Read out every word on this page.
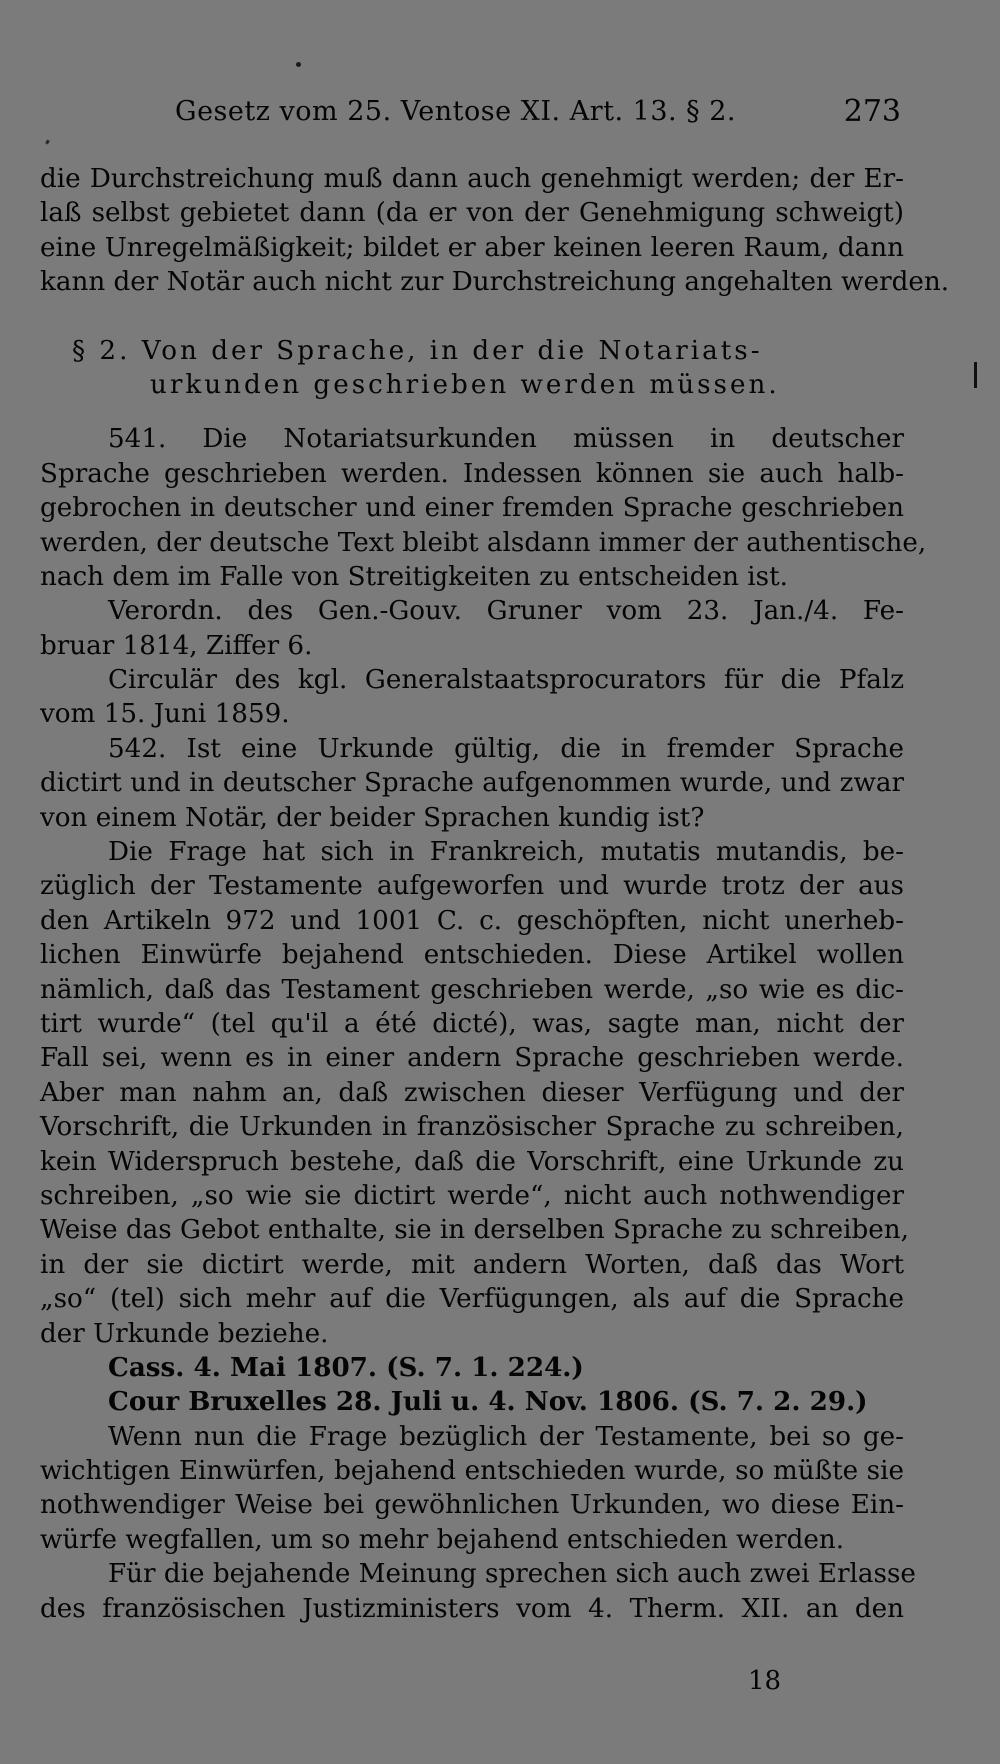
Gesetz vom 25. Ventose XI. Art. 13. § 2.	273
die Durchstreichung muß dann auch genehmigt werden; der Er-
laß selbst gebietet dann (da er von der Genehmigung schweigt)
eine Unregelmäßigkeit; bildet er aber keinen leeren Raum, dann
kann der Notär auch nicht zur Durchstreichung angehalten werden.
§ 2. Von der Sprache, in der die Notariats-
urkunden geschrieben werden müssen.
541. Die Notariatsurkunden müssen in deutscher
Sprache geschrieben werden. Indessen können sie auch halb-
gebrochen in deutscher und einer fremden Sprache geschrieben
werden, der deutsche Text bleibt alsdann immer der authentische,
nach dem im Falle von Streitigkeiten zu entscheiden ist.
Verordn. des Gen.-Gouv. Gruner vom 23. Jan./4. Fe-
bruar 1814, Ziffer 6.
Circulär des kgl. Generalstaatsprocurators für die Pfalz
vom 15. Juni 1859.
542. Ist eine Urkunde gültig, die in fremder Sprache
dictirt und in deutscher Sprache aufgenommen wurde, und zwar
von einem Notär, der beider Sprachen kundig ist?
Die Frage hat sich in Frankreich, mutatis mutandis, be-
züglich der Testamente aufgeworfen und wurde trotz der aus
den Artikeln 972 und 1001 C. c. geschöpften, nicht unerheb-
lichen Einwürfe bejahend entschieden. Diese Artikel wollen
nämlich, daß das Testament geschrieben werde, „so wie es dic-
tirt wurde“ (tel qu'il a été dicté), was, sagte man, nicht der
Fall sei, wenn es in einer andern Sprache geschrieben werde.
Aber man nahm an, daß zwischen dieser Verfügung und der
Vorschrift, die Urkunden in französischer Sprache zu schreiben,
kein Widerspruch bestehe, daß die Vorschrift, eine Urkunde zu
schreiben, „so wie sie dictirt werde“, nicht auch nothwendiger
Weise das Gebot enthalte, sie in derselben Sprache zu schreiben,
in der sie dictirt werde, mit andern Worten, daß das Wort
„so“ (tel) sich mehr auf die Verfügungen, als auf die Sprache
der Urkunde beziehe.
Cass. 4. Mai 1807. (S. 7. 1. 224.)
Cour Bruxelles 28. Juli u. 4. Nov. 1806. (S. 7. 2. 29.)
Wenn nun die Frage bezüglich der Testamente, bei so ge-
wichtigen Einwürfen, bejahend entschieden wurde, so müßte sie
nothwendiger Weise bei gewöhnlichen Urkunden, wo diese Ein-
würfe wegfallen, um so mehr bejahend entschieden werden.
Für die bejahende Meinung sprechen sich auch zwei Erlasse
des französischen Justizministers vom 4. Therm. XII. an den
18
